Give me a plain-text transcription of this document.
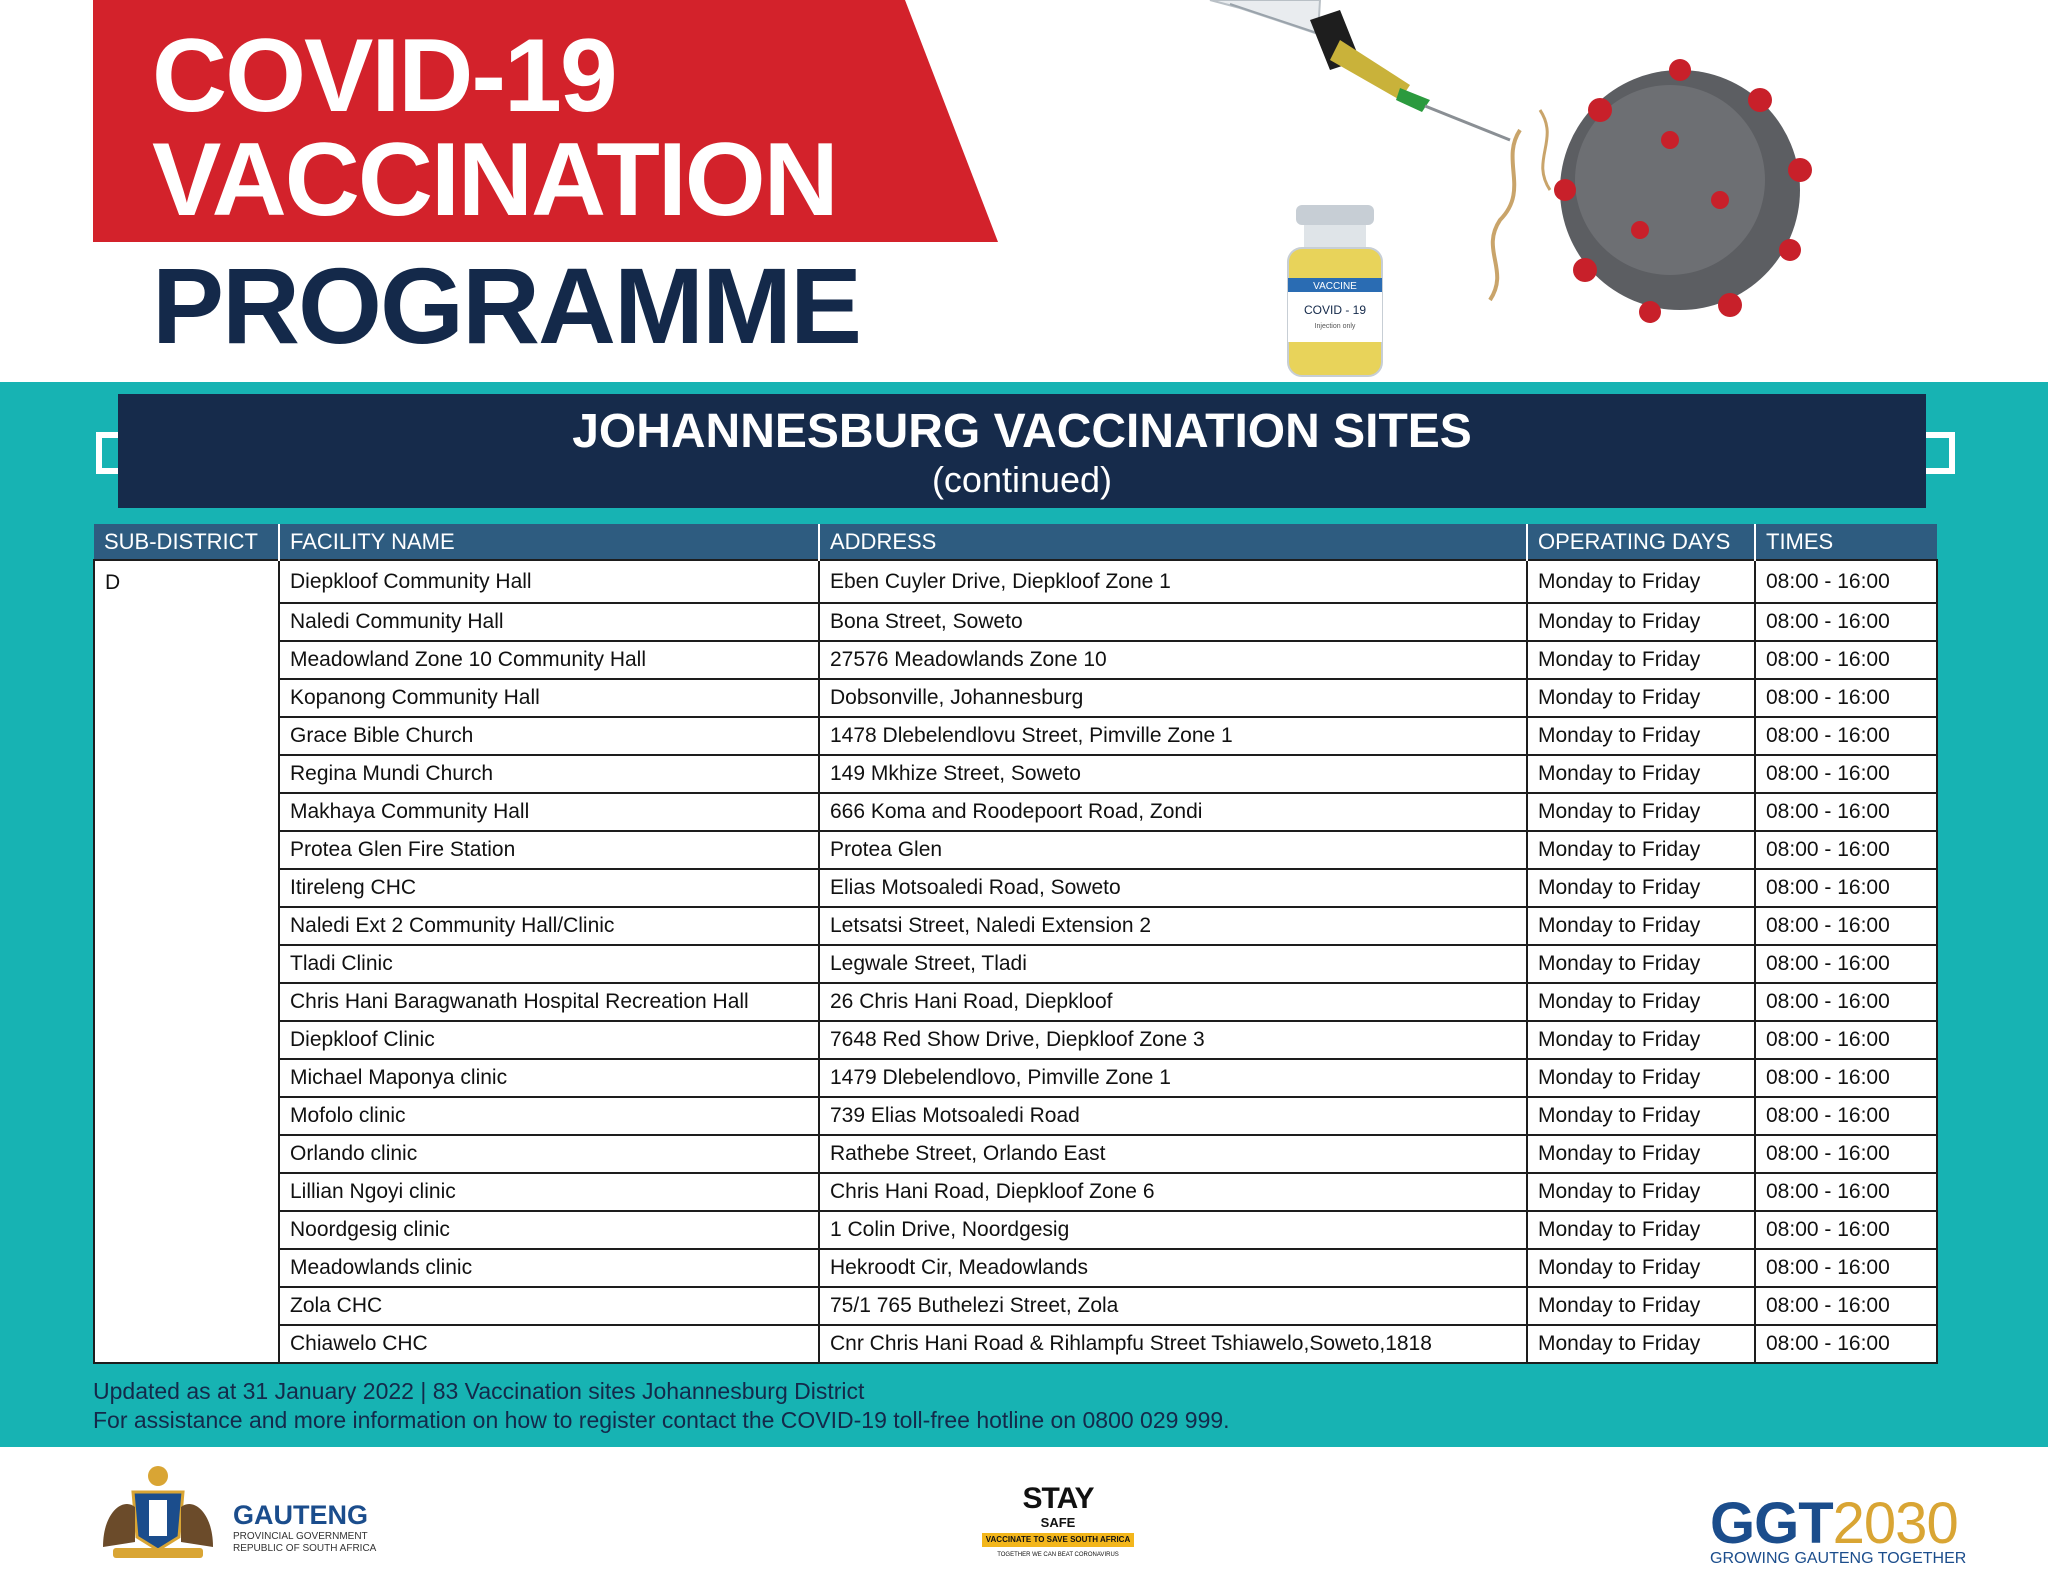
COVID-19
VACCINATION
PROGRAMME	VACCINE
COVID - 19
Injection only
JOHANNESBURG VACCINATION SITES
(continued)
SUB-DISTRICT	FACILITY NAME	ADDRESS	OPERATING DAYS	TIMES
D	Diepkloof Community Hall	Eben Cuyler Drive, Diepkloof Zone 1	Monday to Friday	08:00 - 16:00
	Naledi Community Hall	Bona Street, Soweto	Monday to Friday	08:00 - 16:00
	Meadowland Zone 10 Community Hall	27576 Meadowlands Zone 10	Monday to Friday	08:00 - 16:00
	Kopanong Community Hall	Dobsonville, Johannesburg	Monday to Friday	08:00 - 16:00
	Grace Bible Church	1478 Dlebelendlovu Street, Pimville Zone 1	Monday to Friday	08:00 - 16:00
	Regina Mundi Church	149 Mkhize Street, Soweto	Monday to Friday	08:00 - 16:00
	Makhaya Community Hall	666 Koma and Roodepoort Road, Zondi	Monday to Friday	08:00 - 16:00
	Protea Glen Fire Station	Protea Glen	Monday to Friday	08:00 - 16:00
	Itireleng CHC	Elias Motsoaledi Road, Soweto	Monday to Friday	08:00 - 16:00
	Naledi Ext 2 Community Hall/Clinic	Letsatsi Street, Naledi Extension 2	Monday to Friday	08:00 - 16:00
	Tladi Clinic	Legwale Street, Tladi	Monday to Friday	08:00 - 16:00
	Chris Hani Baragwanath Hospital Recreation Hall	26 Chris Hani Road, Diepkloof	Monday to Friday	08:00 - 16:00
	Diepkloof Clinic	7648 Red Show Drive, Diepkloof Zone 3	Monday to Friday	08:00 - 16:00
	Michael Maponya clinic	1479 Dlebelendlovo, Pimville Zone 1	Monday to Friday	08:00 - 16:00
	Mofolo clinic	739 Elias Motsoaledi Road	Monday to Friday	08:00 - 16:00
	Orlando clinic	Rathebe Street, Orlando East	Monday to Friday	08:00 - 16:00
	Lillian Ngoyi clinic	Chris Hani Road, Diepkloof Zone 6	Monday to Friday	08:00 - 16:00
	Noordgesig clinic	1 Colin Drive, Noordgesig	Monday to Friday	08:00 - 16:00
	Meadowlands clinic	Hekroodt Cir, Meadowlands	Monday to Friday	08:00 - 16:00
	Zola CHC	75/1 765 Buthelezi Street, Zola	Monday to Friday	08:00 - 16:00
	Chiawelo CHC	Cnr Chris Hani Road & Rihlampfu Street Tshiawelo,Soweto,1818	Monday to Friday	08:00 - 16:00
Updated as at 31 January 2022 | 83 Vaccination sites Johannesburg District
For assistance and more information on how to register contact the COVID-19 toll-free hotline on 0800 029 999.
GAUTENG
PROVINCIAL GOVERNMENT
REPUBLIC OF SOUTH AFRICA
STAY
SAFE
VACCINATE TO SAVE SOUTH AFRICA
TOGETHER WE CAN BEAT CORONAVIRUS	GGT2030
GROWING GAUTENG TOGETHER
